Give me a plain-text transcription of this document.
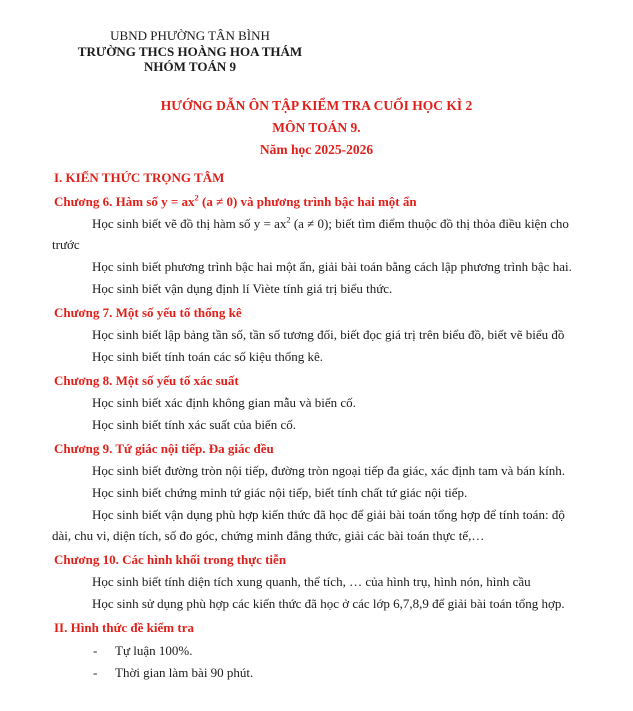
UBND PHƯỜNG TÂN BÌNH
TRƯỜNG THCS HOÀNG HOA THÁM
NHÓM TOÁN 9
HƯỚNG DẪN ÔN TẬP KIỂM TRA CUỐI HỌC KÌ 2
MÔN TOÁN 9.
Năm học 2025-2026
I. KIẾN THỨC TRỌNG TÂM
Chương 6. Hàm số $y = ax^2$ (a ≠ 0) và phương trình bậc hai một ẩn

Học sinh biết vẽ đồ thị hàm số $y = ax^2$ (a ≠ 0); biết tìm điểm thuộc đồ thị thỏa điều kiện cho
trước

Học sinh biết phương trình bậc hai một ẩn, giải bài toán bằng cách lập phương trình bậc hai.

Học sinh biết vận dụng định lí Viète tính giá trị biểu thức.

Chương 7. Một số yếu tố thống kê

Học sinh biết lập bảng tần số, tần số tương đối, biết đọc giá trị trên biểu đồ, biết vẽ biểu đồ

Học sinh biết tính toán các số kiệu thống kê.

Chương 8. Một số yếu tố xác suất

Học sinh biết xác định không gian mẫu và biến cố.

Học sinh biết tính xác suất của biến cố.

Chương 9. Tứ giác nội tiếp. Đa giác đều

Học sinh biết đường tròn nội tiếp, đường tròn ngoại tiếp đa giác, xác định tam và bán kính.

Học sinh biết chứng minh tứ giác nội tiếp, biết tính chất tứ giác nội tiếp.

Học sinh biết vận dụng phù hợp kiến thức đã học để giải bài toán tổng hợp để tính toán: độ
dài, chu vi, diện tích, số đo góc, chứng minh đẳng thức, giải các bài toán thực tế,…

Chương 10. Các hình khối trong thực tiễn

Học sinh biết tính diện tích xung quanh, thể tích, … của hình trụ, hình nón, hình cầu

Học sinh sử dụng phù hợp các kiến thức đã học ở các lớp 6,7,8,9 để giải bài toán tổng hợp.

II. Hình thức đề kiểm tra
-	Tự luận 100%.
-	Thời gian làm bài 90 phút.
